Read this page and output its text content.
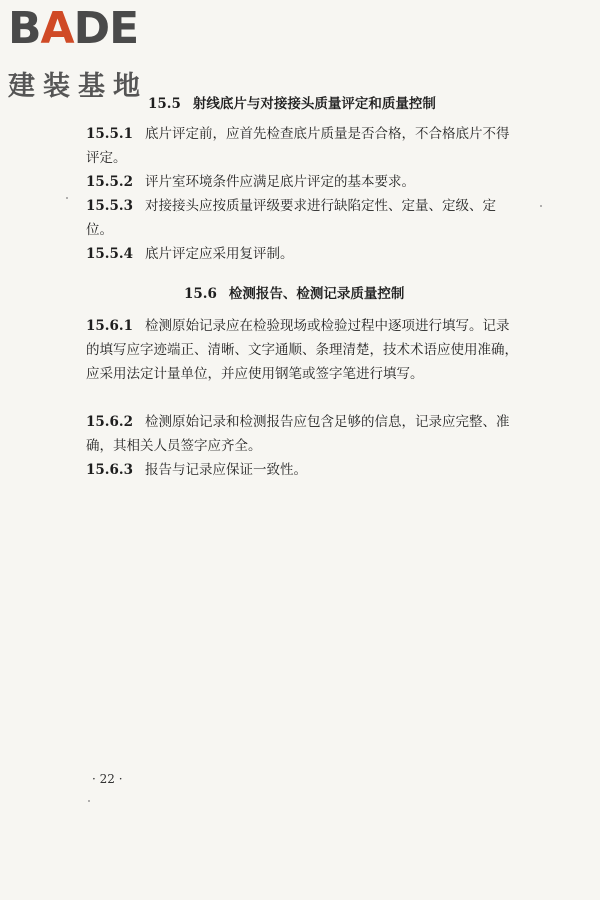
BADE
建装基地
15.5 射线底片与对接接头质量评定和质量控制
15.5.1 底片评定前，应首先检查底片质量是否合格，不合格底片不得评定。
15.5.2 评片室环境条件应满足底片评定的基本要求。
15.5.3 对接接头应按质量评级要求进行缺陷定性、定量、定级、定位。
15.5.4 底片评定应采用复评制。
15.6 检测报告、检测记录质量控制
15.6.1 检测原始记录应在检验现场或检验过程中逐项进行填写。记录的填写应字迹端正、清晰、文字通顺、条理清楚，技术术语应使用准确，应采用法定计量单位，并应使用钢笔或签字笔进行填写。
15.6.2 检测原始记录和检测报告应包含足够的信息，记录应完整、准确，其相关人员签字应齐全。
15.6.3 报告与记录应保证一致性。
· 22 ·
